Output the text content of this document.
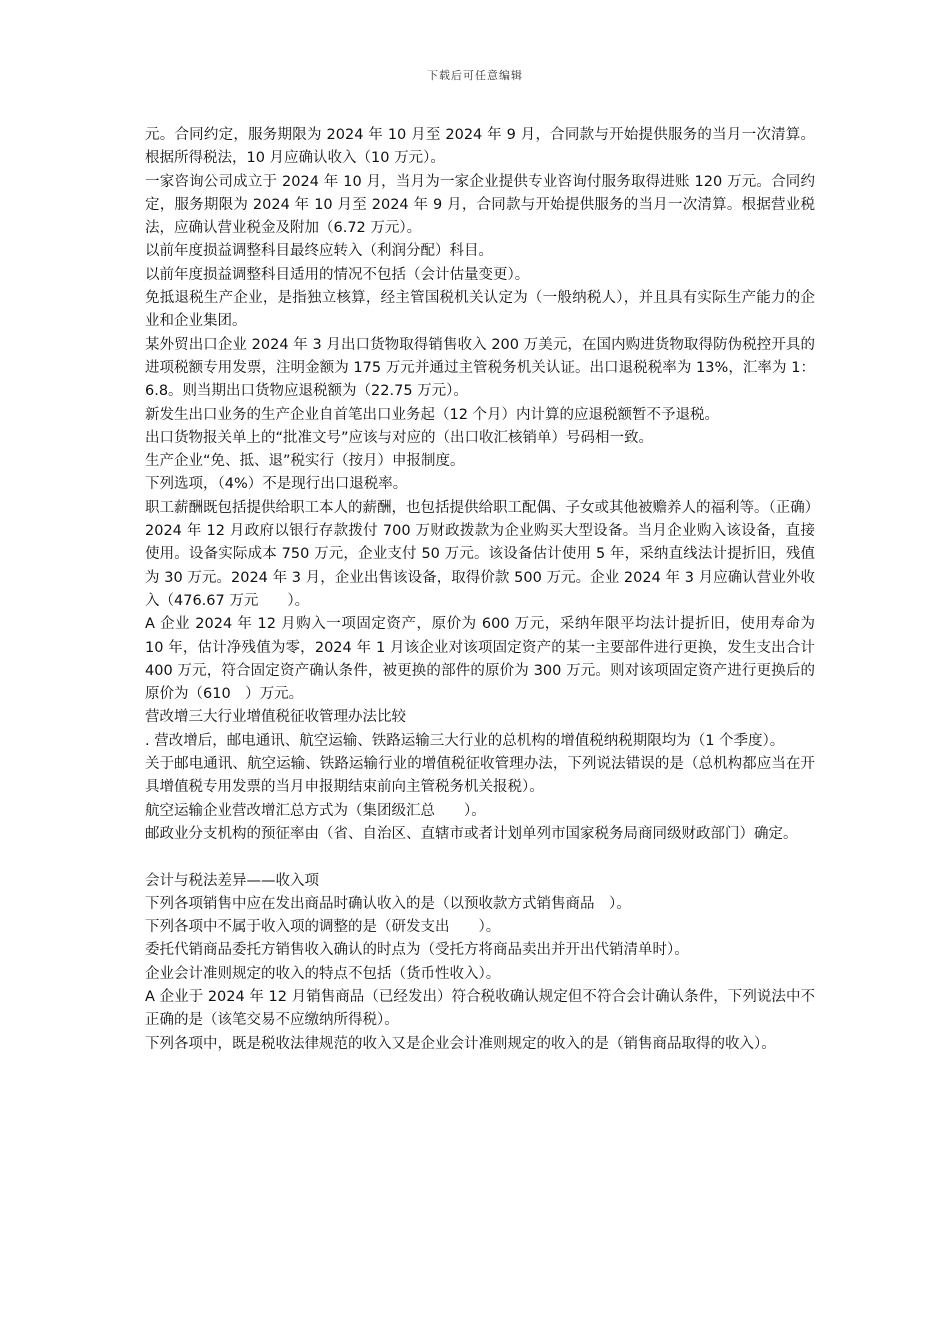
下载后可任意编辑

元。合同约定，服务期限为 2024 年 10 月至 2024 年 9 月，合同款与开始提供服务的当月一次清算。根据所得税法，10 月应确认收入（10 万元）。

一家咨询公司成立于 2024 年 10 月，当月为一家企业提供专业咨询付服务取得进账 120 万元。合同约定，服务期限为 2024 年 10 月至 2024 年 9 月，合同款与开始提供服务的当月一次清算。根据营业税法，应确认营业税金及附加（6.72 万元）。

以前年度损益调整科目最终应转入（利润分配）科目。

以前年度损益调整科目适用的情况不包括（会计估量变更）。

免抵退税生产企业，是指独立核算，经主管国税机关认定为（一般纳税人），并且具有实际生产能力的企业和企业集团。

某外贸出口企业 2024 年 3 月出口货物取得销售收入 200 万美元，在国内购进货物取得防伪税控开具的进项税额专用发票，注明金额为 175 万元并通过主管税务机关认证。出口退税税率为 13%，汇率为 1：6.8。则当期出口货物应退税额为（22.75 万元）。

新发生出口业务的生产企业自首笔出口业务起（12 个月）内计算的应退税额暂不予退税。

出口货物报关单上的“批准文号”应该与对应的（出口收汇核销单）号码相一致。

生产企业“免、抵、退”税实行（按月）申报制度。

下列选项，（4%）不是现行出口退税率。

职工薪酬既包括提供给职工本人的薪酬，也包括提供给职工配偶、子女或其他被赡养人的福利等。（正确）

2024 年 12 月政府以银行存款拨付 700 万财政拨款为企业购买大型设备。当月企业购入该设备，直接使用。设备实际成本 750 万元，企业支付 50 万元。该设备估计使用 5 年，采纳直线法计提折旧，残值为 30 万元。2024 年 3 月，企业出售该设备，取得价款 500 万元。企业 2024 年 3 月应确认营业外收入（476.67 万元　　）。

A 企业 2024 年 12 月购入一项固定资产，原价为 600 万元，采纳年限平均法计提折旧，使用寿命为 10 年，估计净残值为零，2024 年 1 月该企业对该项固定资产的某一主要部件进行更换，发生支出合计 400 万元，符合固定资产确认条件，被更换的部件的原价为 300 万元。则对该项固定资产进行更换后的原价为（610　）万元。

营改增三大行业增值税征收管理办法比较

. 营改增后，邮电通讯、航空运输、铁路运输三大行业的总机构的增值税纳税期限均为（1 个季度）。

关于邮电通讯、航空运输、铁路运输行业的增值税征收管理办法，下列说法错误的是（总机构都应当在开具增值税专用发票的当月申报期结束前向主管税务机关报税）。

航空运输企业营改增汇总方式为（集团级汇总　　）。

邮政业分支机构的预征率由（省、自治区、直辖市或者计划单列市国家税务局商同级财政部门）确定。

会计与税法差异——收入项

下列各项销售中应在发出商品时确认收入的是（以预收款方式销售商品　）。

下列各项中不属于收入项的调整的是（研发支出　　）。

委托代销商品委托方销售收入确认的时点为（受托方将商品卖出并开出代销清单时）。

企业会计准则规定的收入的特点不包括（货币性收入）。

A 企业于 2024 年 12 月销售商品（已经发出）符合税收确认规定但不符合会计确认条件，下列说法中不正确的是（该笔交易不应缴纳所得税）。

下列各项中，既是税收法律规范的收入又是企业会计准则规定的收入的是（销售商品取得的收入）。
